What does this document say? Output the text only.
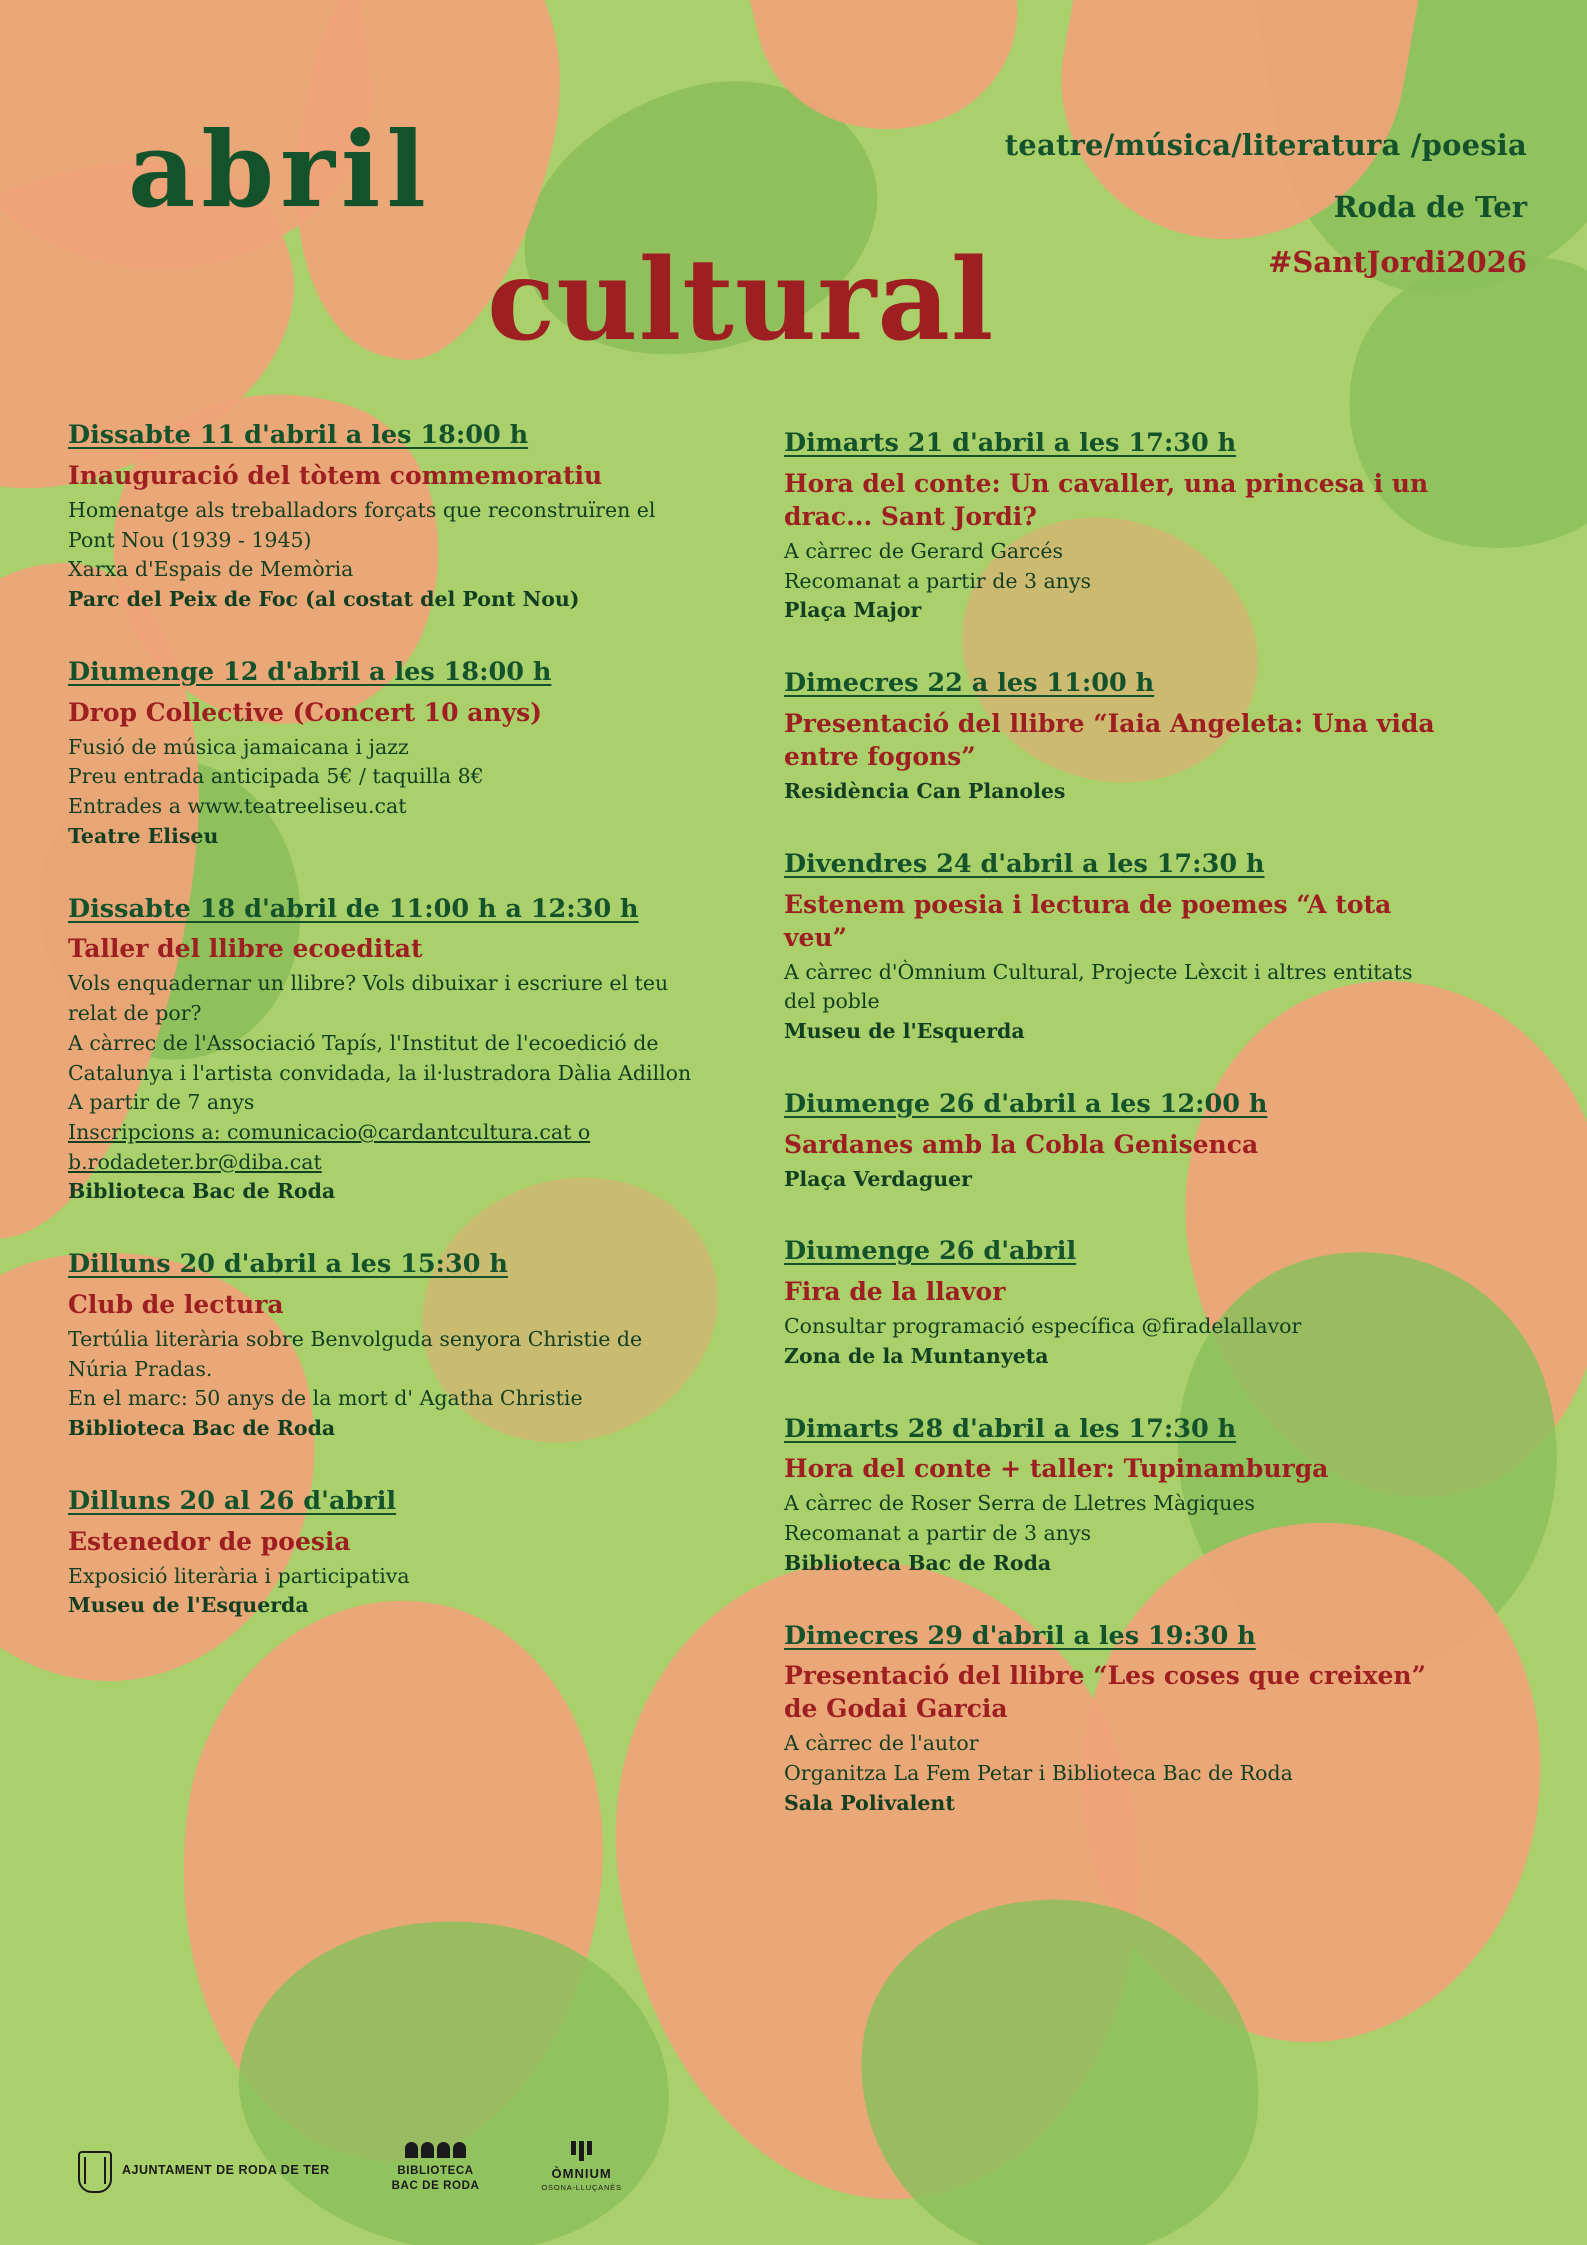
abril
cultural
teatre/música/literatura /poesia
Roda de Ter
#SantJordi2026
Dissabte 11 d'abril a les 18:00 h
Inauguració del tòtem commemoratiu

Homenatge als treballadors forçats que reconstruïren el

Pont Nou (1939 - 1945)

Xarxa d'Espais de Memòria

Parc del Peix de Foc (al costat del Pont Nou)

Diumenge 12 d'abril a les 18:00 h
Drop Collective (Concert 10 anys)

Fusió de música jamaicana i jazz

Preu entrada anticipada 5€ / taquilla 8€

Entrades a www.teatreeliseu.cat

Teatre Eliseu

Dissabte 18 d'abril de 11:00 h a 12:30 h
Taller del llibre ecoeditat

Vols enquadernar un llibre? Vols dibuixar i escriure el teu

relat de por?

A càrrec de l'Associació Tapís, l'Institut de l'ecoedició de

Catalunya i l'artista convidada, la il·lustradora Dàlia Adillon

A partir de 7 anys

Inscripcions a: comunicacio@cardantcultura.cat o

b.rodadeter.br@diba.cat

Biblioteca Bac de Roda

Dilluns 20 d'abril a les 15:30 h
Club de lectura

Tertúlia literària sobre Benvolguda senyora Christie de

Núria Pradas.

En el marc: 50 anys de la mort d' Agatha Christie

Biblioteca Bac de Roda

Dilluns 20 al 26 d'abril
Estenedor de poesia

Exposició literària i participativa

Museu de l'Esquerda

Dimarts 21 d'abril a les 17:30 h
Hora del conte: Un cavaller, una princesa i un drac... Sant Jordi?

A càrrec de Gerard Garcés

Recomanat a partir de 3 anys

Plaça Major

Dimecres 22 a les 11:00 h
Presentació del llibre “Iaia Angeleta: Una vida entre fogons”

Residència Can Planoles

Divendres 24 d'abril a les 17:30 h
Estenem poesia i lectura de poemes “A tota veu”

A càrrec d'Òmnium Cultural, Projecte Lèxcit i altres entitats

del poble

Museu de l'Esquerda

Diumenge 26 d'abril a les 12:00 h
Sardanes amb la Cobla Genisenca

Plaça Verdaguer

Diumenge 26 d'abril
Fira de la llavor

Consultar programació específica @firadelallavor

Zona de la Muntanyeta

Dimarts 28 d'abril a les 17:30 h
Hora del conte + taller: Tupinamburga

A càrrec de Roser Serra de Lletres Màgiques

Recomanat a partir de 3 anys

Biblioteca Bac de Roda

Dimecres 29 d'abril a les 19:30 h
Presentació del llibre “Les coses que creixen” de Godai Garcia

A càrrec de l'autor

Organitza La Fem Petar i Biblioteca Bac de Roda

Sala Polivalent

AJUNTAMENT DE RODA DE TER	BIBLIOTECA
BAC DE RODA
ÒMNIUM
OSONA-LLUÇANÈS
